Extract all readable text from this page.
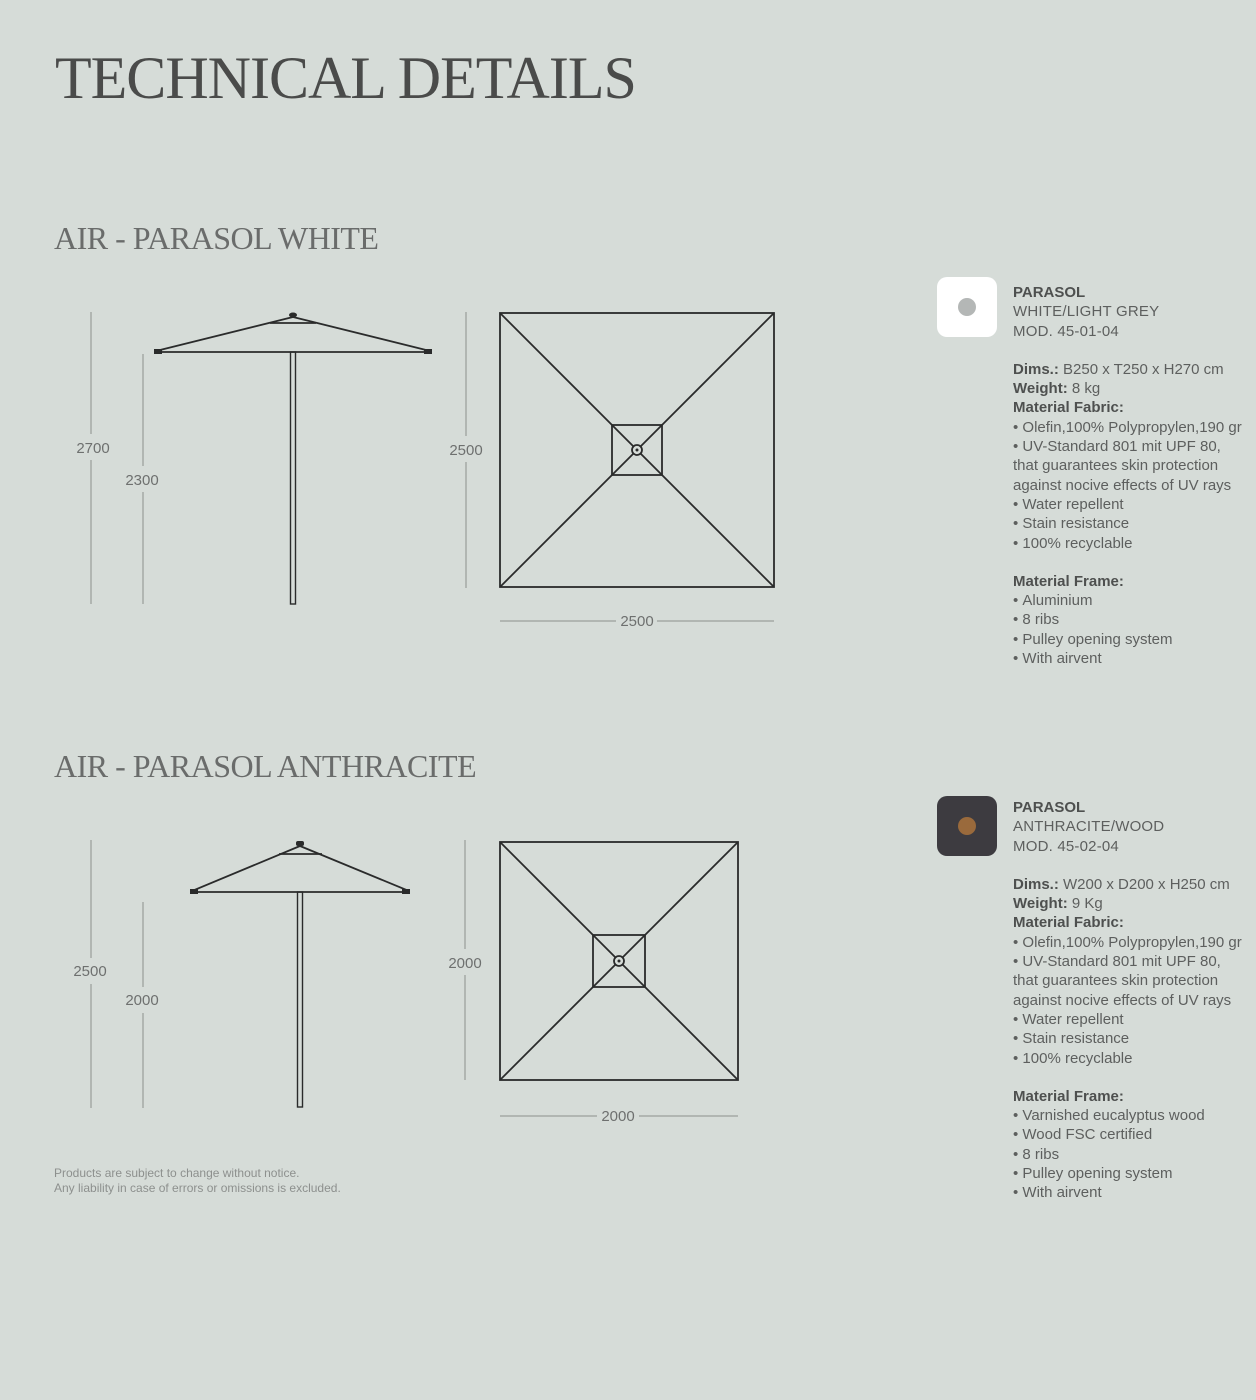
TECHNICAL DETAILS
AIR - PARASOL WHITE
2700
2300
2500
2500
PARASOL
WHITE/LIGHT GREY
MOD. 45-01-04
Dims.: B250 x T250 x H270 cm
Weight: 8 kg
Material Fabric:
• Olefin,100% Polypropylen,190 gr
• UV-Standard 801 mit UPF 80, that guarantees skin protection against nocive effects of UV rays
• Water repellent
• Stain resistance
• 100% recyclable
Material Frame:
• Aluminium
• 8 ribs
• Pulley opening system
• With airvent
AIR - PARASOL ANTHRACITE
2500
2000
2000
2000
PARASOL
ANTHRACITE/WOOD
MOD. 45-02-04
Dims.: W200 x D200 x H250 cm
Weight: 9 Kg
Material Fabric:
• Olefin,100% Polypropylen,190 gr
• UV-Standard 801 mit UPF 80, that guarantees skin protection against nocive effects of UV rays
• Water repellent
• Stain resistance
• 100% recyclable
Material Frame:
• Varnished eucalyptus wood
• Wood FSC certified
• 8 ribs
• Pulley opening system
• With airvent
Products are subject to change without notice.
Any liability in case of errors or omissions is excluded.
